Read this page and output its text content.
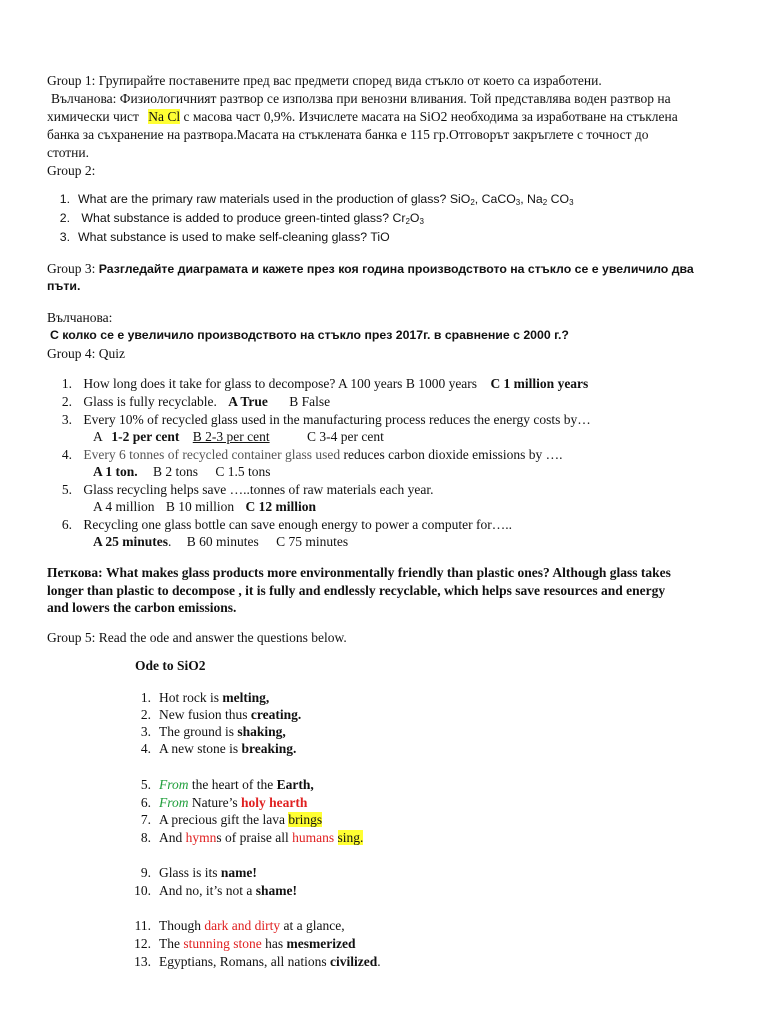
Group 1: Групирайте поставените пред вас предмети според вида стъкло от което са изработени.
Вълчанова: Физиологичният разтвор се използва при венозни вливания. Той представлява воден разтвор на
химически чист Na Cl с масова част 0,9%. Изчислете масата на SiO2 необходима за изработване на стъклена
банка за съхранение на разтвора.Масата на стъклената банка е 115 гр.Отговорът закръглете с точност до
стотни.
Group 2:
1. What are the primary raw materials used in the production of glass? SiO$_2$, CaCO$_3$, $Na_2$ $CO_3$
2. What substance is added to produce green-tinted glass? $Cr_2O_3$
3. What substance is used to make self-cleaning glass? TiO
Group 3: Разгледайте диаграмата и кажете през коя година производството на стъкло се е увеличило два
пъти.
Вълчанова:
С колко се е увеличило производството на стъкло през 2017г. в сравнение с 2000 г.?
Group 4: Quiz
1. How long does it take for glass to decompose? A 100 years B 1000 years C 1 million years
2. Glass is fully recyclable. A True B False
3. Every 10% of recycled glass used in the manufacturing process reduces the energy costs by…
A 1-2 per cent B 2-3 per cent	C 3-4 per cent
4. Every 6 tonnes of recycled container glass used reduces carbon dioxide emissions by ….
A 1 ton. B 2 tons C 1.5 tons
5. Glass recycling helps save …..tonnes of raw materials each year.
A 4 million B 10 million C 12 million
6. Recycling one glass bottle can save enough energy to power a computer for…..
A 25 minutes. B 60 minutes C 75 minutes
Петкова: What makes glass products more environmentally friendly than plastic ones? Although glass takes
longer than plastic to decompose , it is fully and endlessly recyclable, which helps save resources and energy
and lowers the carbon emissions.
Group 5: Read the ode and answer the questions below.
Ode to SiO2
1. Hot rock is melting,
2. New fusion thus creating.
3. The ground is shaking,
4. A new stone is breaking.
5. From the heart of the Earth,
6. From Nature’s holy hearth
7. A precious gift the lava brings
8. And hymns of praise all humans sing.
9. Glass is its name!
10. And no, it’s not a shame!
11. Though dark and dirty at a glance,
12. The stunning stone has mesmerized
13. Egyptians, Romans, all nations civilized.
